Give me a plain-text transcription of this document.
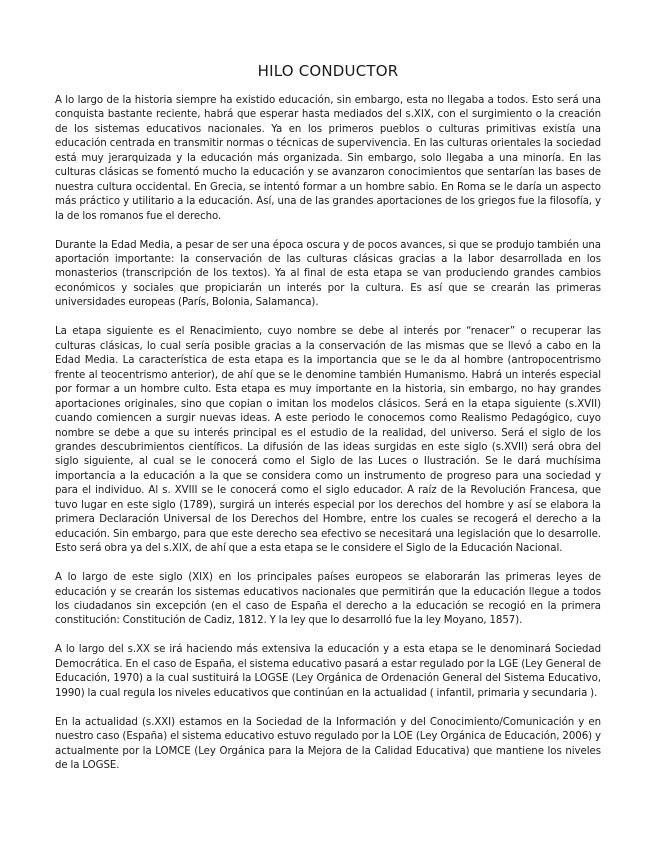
HILO CONDUCTOR

A lo largo de la historia siempre ha existido educación, sin embargo, esta no llegaba a todos. Esto será una conquista bastante reciente, habrá que esperar hasta mediados del s.XIX, con el surgimiento o la creación de los sistemas educativos nacionales. Ya en los primeros pueblos o culturas primitivas existía una educación centrada en transmitir normas o técnicas de supervivencia. En las culturas orientales la sociedad está muy jerarquizada y la educación más organizada. Sin embargo, solo llegaba a una minoría. En las culturas clásicas se fomentó mucho la educación y se avanzaron conocimientos que sentarían las bases de nuestra cultura occidental. En Grecia, se intentó formar a un hombre sabio. En Roma se le daría un aspecto más práctico y utilitario a la educación. Así, una de las grandes aportaciones de los griegos fue la filosofía, y la de los romanos fue el derecho.

Durante la Edad Media, a pesar de ser una época oscura y de pocos avances, si que se produjo también una aportación importante: la conservación de las culturas clásicas gracias a la labor desarrollada en los monasterios (transcripción de los textos). Ya al final de esta etapa se van produciendo grandes cambios económicos y sociales que propiciarán un interés por la cultura. Es así que se crearán las primeras universidades europeas (París, Bolonia, Salamanca).

La etapa siguiente es el Renacimiento, cuyo nombre se debe al interés por “renacer” o recuperar las culturas clásicas, lo cual sería posible gracias a la conservación de las mismas que se llevó a cabo en la Edad Media. La característica de esta etapa es la importancia que se le da al hombre (antropocentrismo frente al teocentrismo anterior), de ahí que se le denomine también Humanismo. Habrá un interés especial por formar a un hombre culto. Esta etapa es muy importante en la historia, sin embargo, no hay grandes aportaciones originales, sino que copian o imitan los modelos clásicos. Será en la etapa siguiente (s.XVII) cuando comiencen a surgir nuevas ideas. A este periodo le conocemos como Realismo Pedagógico, cuyo nombre se debe a que su interés principal es el estudio de la realidad, del universo. Será el siglo de los grandes descubrimientos científicos. La difusión de las ideas surgidas en este siglo (s.XVII) será obra del siglo siguiente, al cual se le conocerá como el Siglo de las Luces o Ilustración. Se le dará muchísima importancia a la educación a la que se considera como un instrumento de progreso para una sociedad y para el individuo. Al s. XVIII se le conocerá como el siglo educador. A raíz de la Revolución Francesa, que tuvo lugar en este siglo (1789), surgirá un interés especial por los derechos del hombre y así se elabora la primera Declaración Universal de los Derechos del Hombre, entre los cuales se recogerá el derecho a la educación. Sin embargo, para que este derecho sea efectivo se necesitará una legislación que lo desarrolle. Esto será obra ya del s.XIX, de ahí que a esta etapa se le considere el Siglo de la Educación Nacional.

A lo largo de este siglo (XIX) en los principales países europeos se elaborarán las primeras leyes de educación y se crearán los sistemas educativos nacionales que permitirán que la educación llegue a todos los ciudadanos sin excepción (en el caso de España el derecho a la educación se recogió en la primera constitución: Constitución de Cadiz, 1812. Y la ley que lo desarrolló fue la ley Moyano, 1857).

A lo largo del s.XX se irá haciendo más extensiva la educación y a esta etapa se le denominará Sociedad Democrática. En el caso de España, el sistema educativo pasará a estar regulado por la LGE (Ley General de Educación, 1970) a la cual sustituirá la LOGSE (Ley Orgánica de Ordenación General del Sistema Educativo, 1990) la cual regula los niveles educativos que continúan en la actualidad ( infantil, primaria y secundaria ).

En la actualidad (s.XXI) estamos en la Sociedad de la Información y del Conocimiento/Comunicación y en nuestro caso (España) el sistema educativo estuvo regulado por la LOE (Ley Orgánica de Educación, 2006) y actualmente por la LOMCE (Ley Orgánica para la Mejora de la Calidad Educativa) que mantiene los niveles de la LOGSE.
